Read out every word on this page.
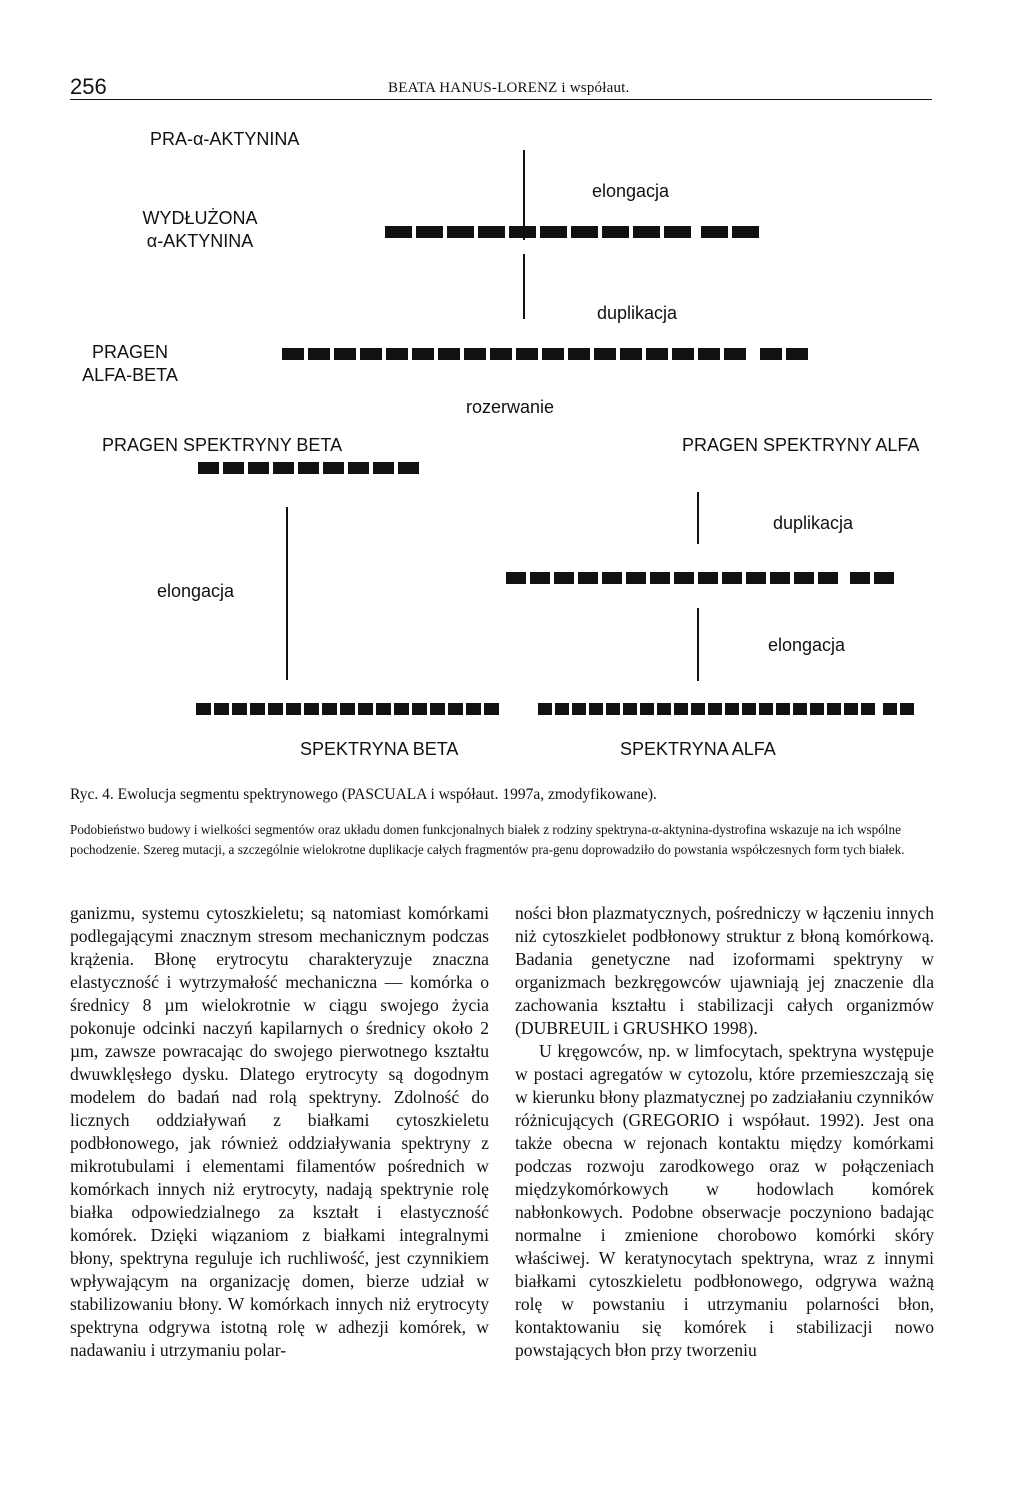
256	BEATA HANUS-LORENZ i współaut.
PRA-α-AKTYNINA
elongacja
WYDŁUŻONA
α-AKTYNINA
duplikacja
PRAGEN
ALFA-BETA
rozerwanie
PRAGEN SPEKTRYNY BETA	PRAGEN SPEKTRYNY ALFA
elongacja
duplikacja
elongacja
SPEKTRYNA BETA	SPEKTRYNA ALFA
Ryc. 4. Ewolucja segmentu spektrynowego (PASCUALA i współaut. 1997a, zmodyfikowane).
Podobieństwo budowy i wielkości segmentów oraz układu domen funkcjonalnych białek z rodziny spektryna-α-aktynina-dystrofina wskazuje na ich wspólne pochodzenie. Szereg mutacji, a szczególnie wielokrotne duplikacje całych fragmentów pra-genu doprowadziło do powstania współczesnych form tych białek.

ganizmu, systemu cytoszkieletu; są natomiast komórkami podlegającymi znacznym stresom mechanicznym podczas krążenia. Błonę erytrocytu charakteryzuje znaczna elastyczność i wytrzymałość mechaniczna — komórka o średnicy 8 µm wielokrotnie w ciągu swojego życia pokonuje odcinki naczyń kapilarnych o średnicy około 2 µm, zawsze powracając do swojego pierwotnego kształtu dwuwklęsłego dysku. Dlatego erytrocyty są dogodnym modelem do badań nad rolą spektryny. Zdolność do licznych oddziaływań z białkami cytoszkieletu podbłonowego, jak również oddziaływania spektryny z mikrotubulami i elementami filamentów pośrednich w komórkach innych niż erytrocyty, nadają spektrynie rolę białka odpowiedzialnego za kształt i elastyczność komórek. Dzięki wiązaniom z białkami integralnymi błony, spektryna reguluje ich ruchliwość, jest czynnikiem wpływającym na organizację domen, bierze udział w stabilizowaniu błony. W komórkach innych niż erytrocyty spektryna odgrywa istotną rolę w adhezji komórek, w nadawaniu i utrzymaniu polar-

ności błon plazmatycznych, pośredniczy w łączeniu innych niż cytoszkielet podbłonowy struktur z błoną komórkową. Badania genetyczne nad izoformami spektryny w organizmach bezkręgowców ujawniają jej znaczenie dla zachowania kształtu i stabilizacji całych organizmów (DUBREUIL i GRUSHKO 1998).

U kręgowców, np. w limfocytach, spektryna występuje w postaci agregatów w cytozolu, które przemieszczają się w kierunku błony plazmatycznej po zadziałaniu czynników różnicujących (GREGORIO i współaut. 1992). Jest ona także obecna w rejonach kontaktu między komórkami podczas rozwoju zarodkowego oraz w połączeniach międzykomórkowych w hodowlach komórek nabłonkowych. Podobne obserwacje poczyniono badając normalne i zmienione chorobowo komórki skóry właściwej. W keratynocytach spektryna, wraz z innymi białkami cytoszkieletu podbłonowego, odgrywa ważną rolę w powstaniu i utrzymaniu polarności błon, kontaktowaniu się komórek i stabilizacji nowo powstających błon przy tworzeniu
